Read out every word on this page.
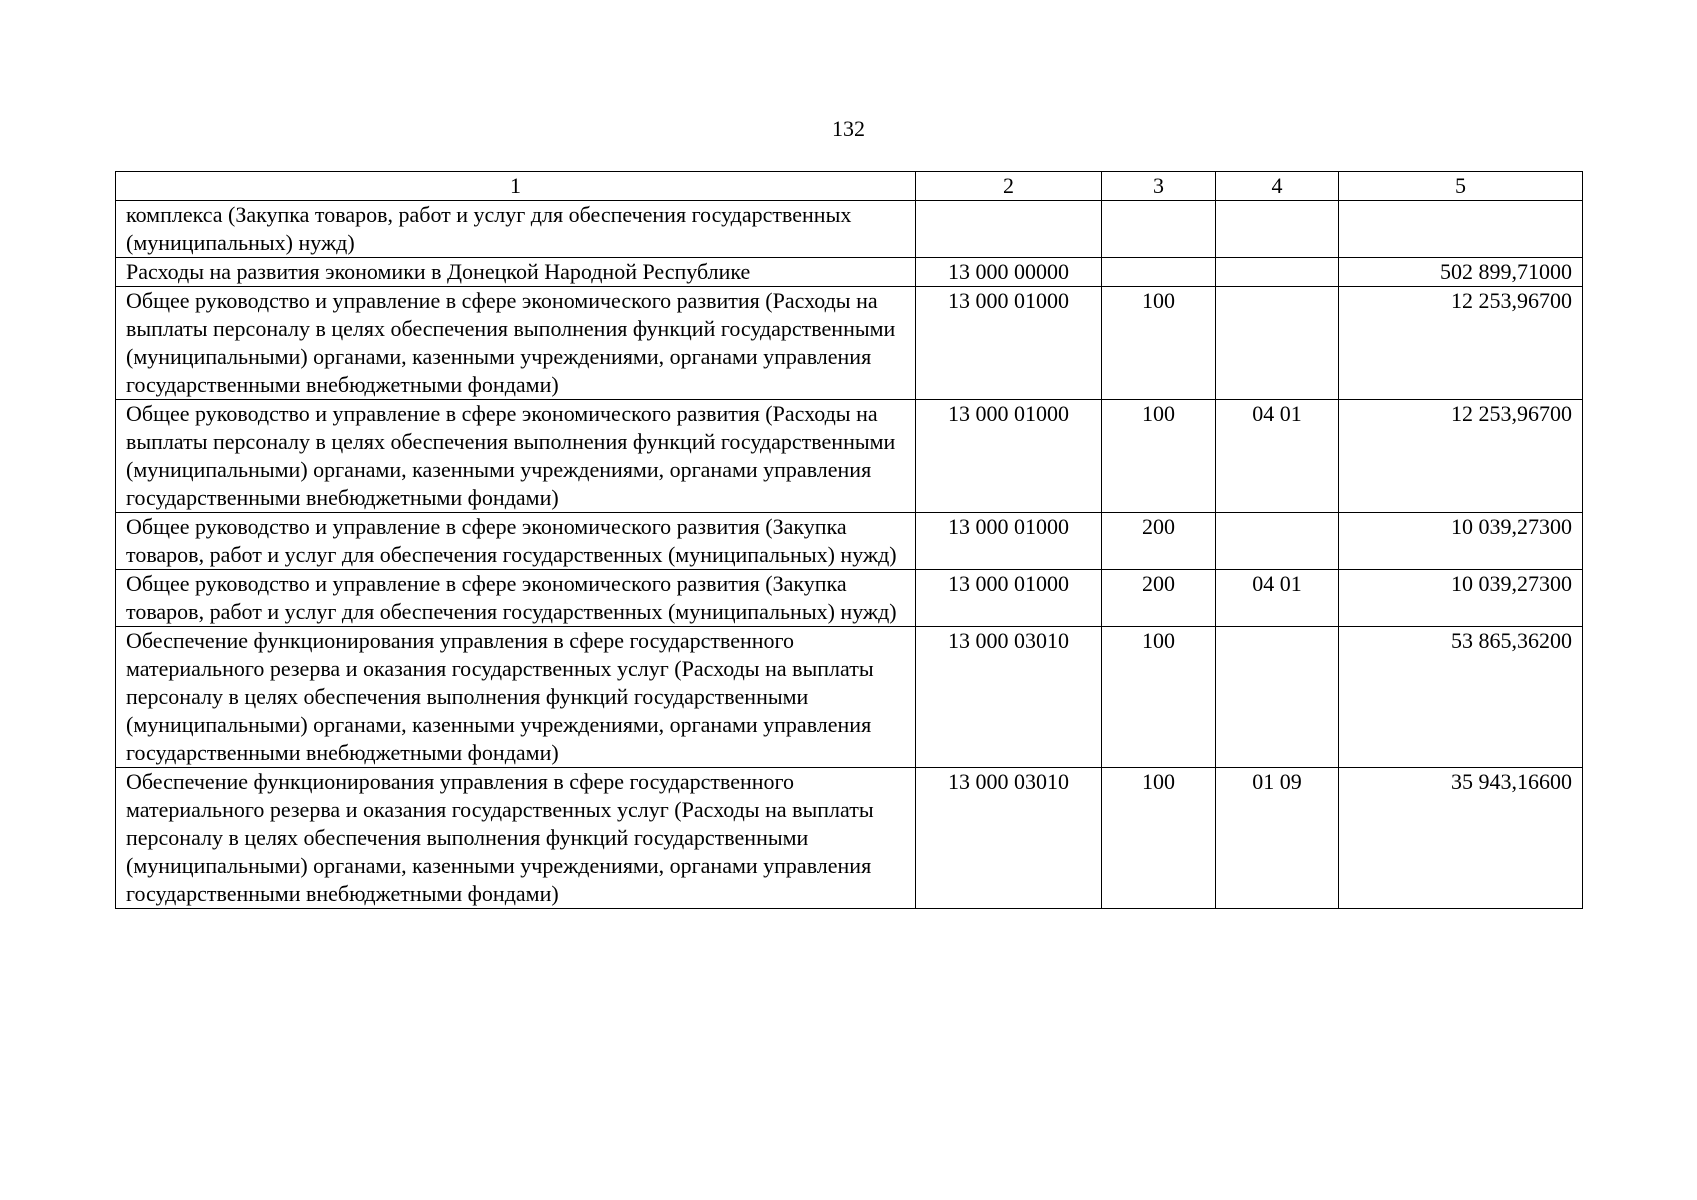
132
1	2	3	4	5
комплекса (Закупка товаров, работ и услуг для обеспечения государственных (муниципальных) нужд)				
Расходы на развития экономики в Донецкой Народной Республике	13 000 00000			502 899,71000
Общее руководство и управление в сфере экономического развития (Расходы на выплаты персоналу в целях обеспечения выполнения функций государственными (муниципальными) органами, казенными учреждениями, органами управления государственными внебюджетными фондами)	13 000 01000	100		12 253,96700
Общее руководство и управление в сфере экономического развития (Расходы на выплаты персоналу в целях обеспечения выполнения функций государственными (муниципальными) органами, казенными учреждениями, органами управления государственными внебюджетными фондами)	13 000 01000	100	04 01	12 253,96700
Общее руководство и управление в сфере экономического развития (Закупка товаров, работ и услуг для обеспечения государственных (муниципальных) нужд)	13 000 01000	200		10 039,27300
Общее руководство и управление в сфере экономического развития (Закупка товаров, работ и услуг для обеспечения государственных (муниципальных) нужд)	13 000 01000	200	04 01	10 039,27300
Обеспечение функционирования управления в сфере государственного материального резерва и оказания государственных услуг (Расходы на выплаты персоналу в целях обеспечения выполнения функций государственными (муниципальными) органами, казенными учреждениями, органами управления государственными внебюджетными фондами)	13 000 03010	100		53 865,36200
Обеспечение функционирования управления в сфере государственного материального резерва и оказания государственных услуг (Расходы на выплаты персоналу в целях обеспечения выполнения функций государственными (муниципальными) органами, казенными учреждениями, органами управления государственными внебюджетными фондами)	13 000 03010	100	01 09	35 943,16600
